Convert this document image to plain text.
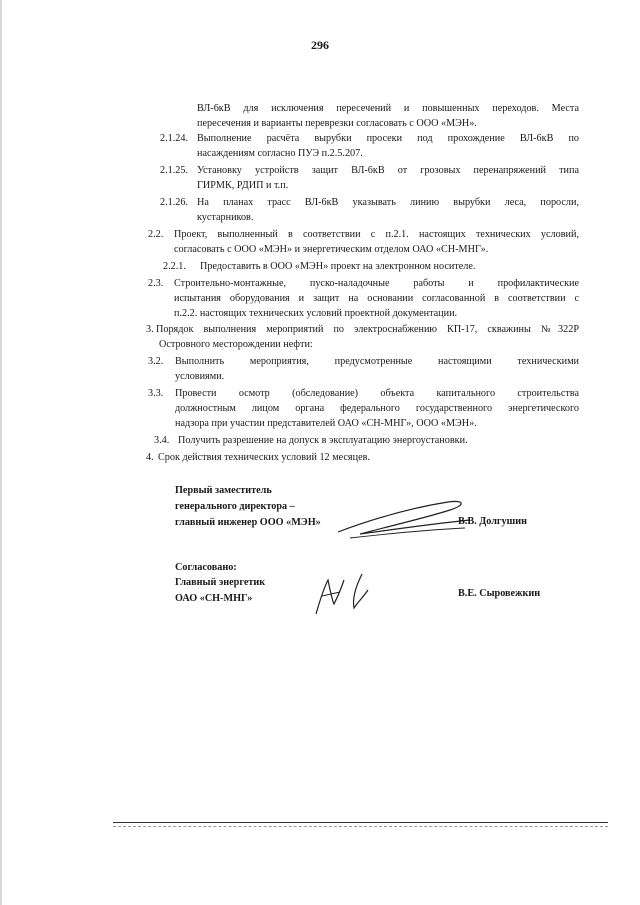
296
ВЛ-6кВ для исключения пересечений и повышенных переходов. Места
пересечения и варианты переврезки согласовать с ООО «МЭН».
2.1.24. Выполнение расчёта вырубки просеки под прохождение ВЛ-6кВ по
насаждениям согласно ПУЭ п.2.5.207.
2.1.25. Установку устройств защит ВЛ-6кВ от грозовых перенапряжений типа
ГИРМК, РДИП и т.п.
2.1.26. На планах трасс ВЛ-6кВ указывать линию вырубки леса, поросли,
кустарников.
2.2. Проект, выполненный в соответствии с п.2.1. настоящих технических условий,
согласовать с ООО «МЭН» и энергетическим отделом ОАО «СН-МНГ».
2.2.1. Предоставить в ООО «МЭН» проект на электронном носителе.
2.3. Строительно-монтажные, пуско-наладочные работы и профилактические
испытания оборудования и защит на основании согласованной в соответствии с
п.2.2. настоящих технических условий проектной документации.
3. Порядок выполнения мероприятий по электроснабжению КП-17, скважины №322Р
Островного месторождении нефти:
3.2. Выполнить мероприятия, предусмотренные настоящими техническими
условиями.
3.3. Провести осмотр (обследование) объекта капитального строительства
должностным лицом органа федерального государственного энергетического
надзора при участии представителей ОАО «СН-МНГ», ООО «МЭН».
3.4. Получить разрешение на допуск в эксплуатацию энергоустановки.
4. Срок действия технических условий 12 месяцев.
Первый заместитель
генерального директора –
главный инженер ООО «МЭН»	В.В. Долгушин
Согласовано:
Главный энергетик
ОАО «СН-МНГ»	В.Е. Сыровежкин
